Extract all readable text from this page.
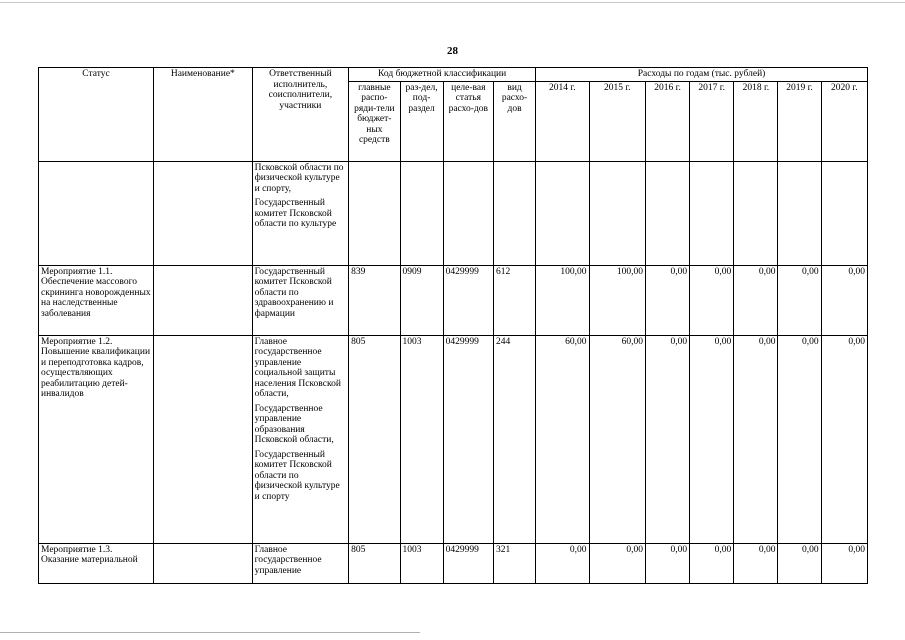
28
Статус	Наименование*	Ответственный исполнитель, соисполнители, участники	Код бюджетной классификации				Расходы по годам (тыс. рублей)						
			главные распо-ряди-тели бюджет-ных средств	раз-дел, под-раздел	целе-вая статья расхо-дов	вид расхо-дов	2014 г.	2015 г.	2016 г.	2017 г.	2018 г.	2019 г.	2020 г.

		Псковской области по физической культуре и спорту,
Государственный комитет Псковской области по культуре											

Мероприятие 1.1. Обеспечение массового скрининга новорожденных на наследственные заболевания		Государственный комитет Псковской области по здравоохранению и фармации	839	0909	0429999	612	100,00	100,00	0,00	0,00	0,00	0,00	0,00
Мероприятие 1.2. Повышение квалификации и переподготовка кадров, осуществляющих реабилитацию детей-инвалидов		Главное государственное управление социальной защиты населения Псковской области,
Государственное управление образования Псковской области,
Государственный комитет Псковской области по физической культуре и спорту	805	1003	0429999	244	60,00	60,00	0,00	0,00	0,00	0,00	0,00
Мероприятие 1.3. Оказание материальной		Главное государственное управление	805	1003	0429999	321	0,00	0,00	0,00	0,00	0,00	0,00	0,00
